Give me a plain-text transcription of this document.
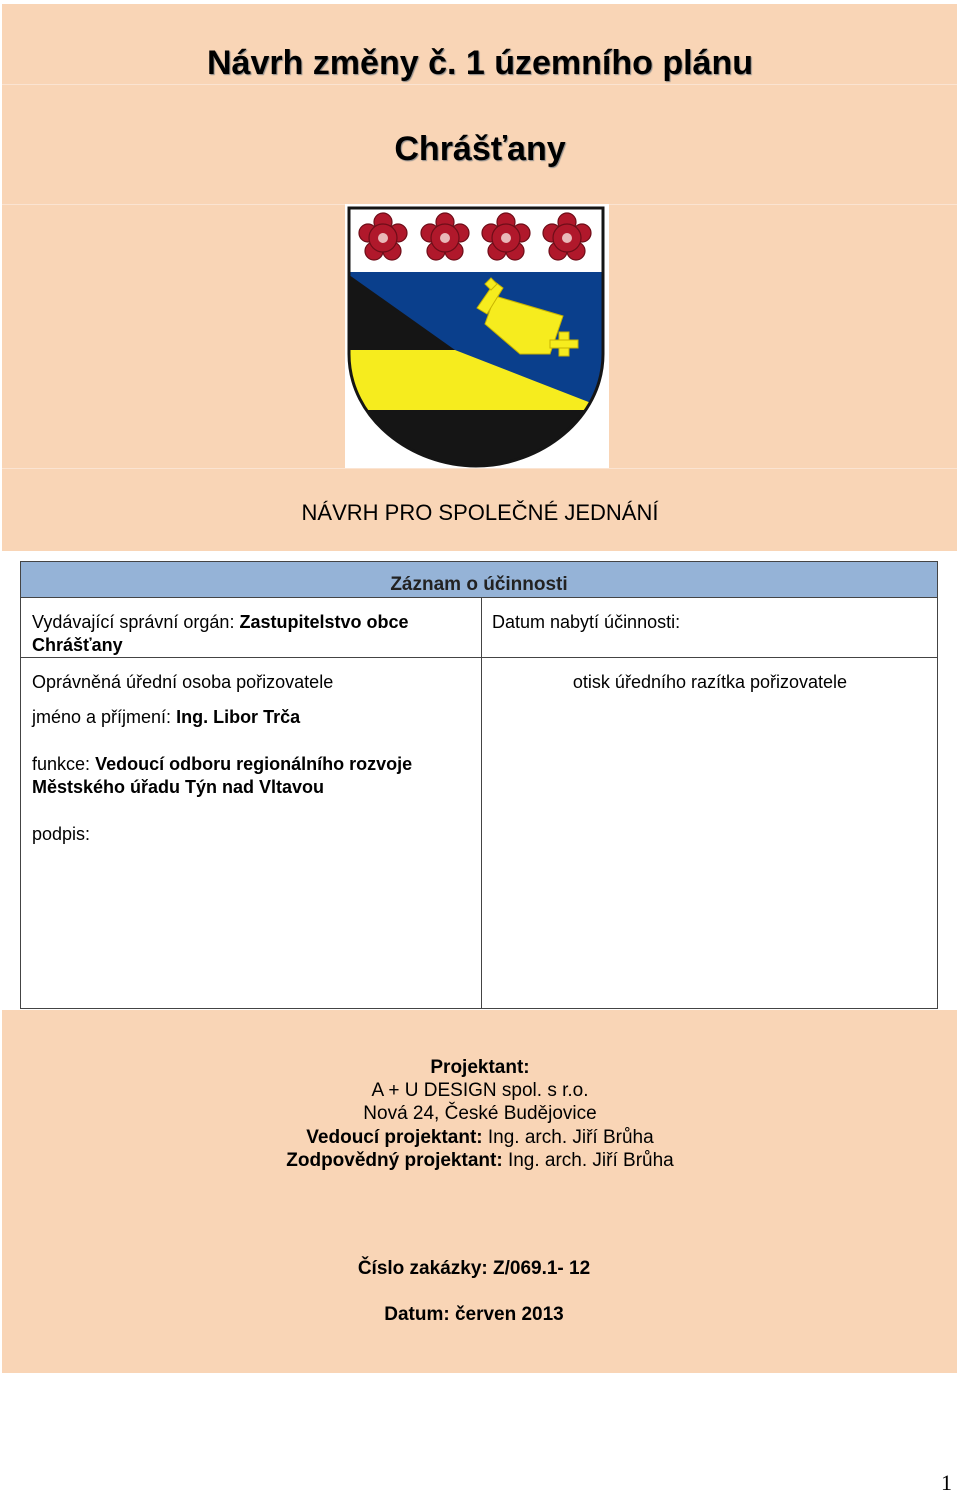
Návrh změny č. 1 územního plánu
Chrášťany
NÁVRH PRO SPOLEČNÉ JEDNÁNÍ
Záznam o účinnosti
Vydávající správní orgán: Zastupitelstvo obce Chrášťany
Oprávněná úřední osoba pořizovatele
jméno a příjmení: Ing. Libor Trča
funkce: Vedoucí odboru regionálního rozvoje Městského úřadu Týn nad Vltavou
podpis:
Datum nabytí účinnosti:
otisk úředního razítka pořizovatele
Projektant:
A + U DESIGN spol. s r.o.
Nová 24, České Budějovice
Vedoucí projektant: Ing. arch. Jiří Brůha
Zodpovědný projektant: Ing. arch. Jiří Brůha
Číslo zakázky: Z/069.1- 12
Datum: červen 2013
1
